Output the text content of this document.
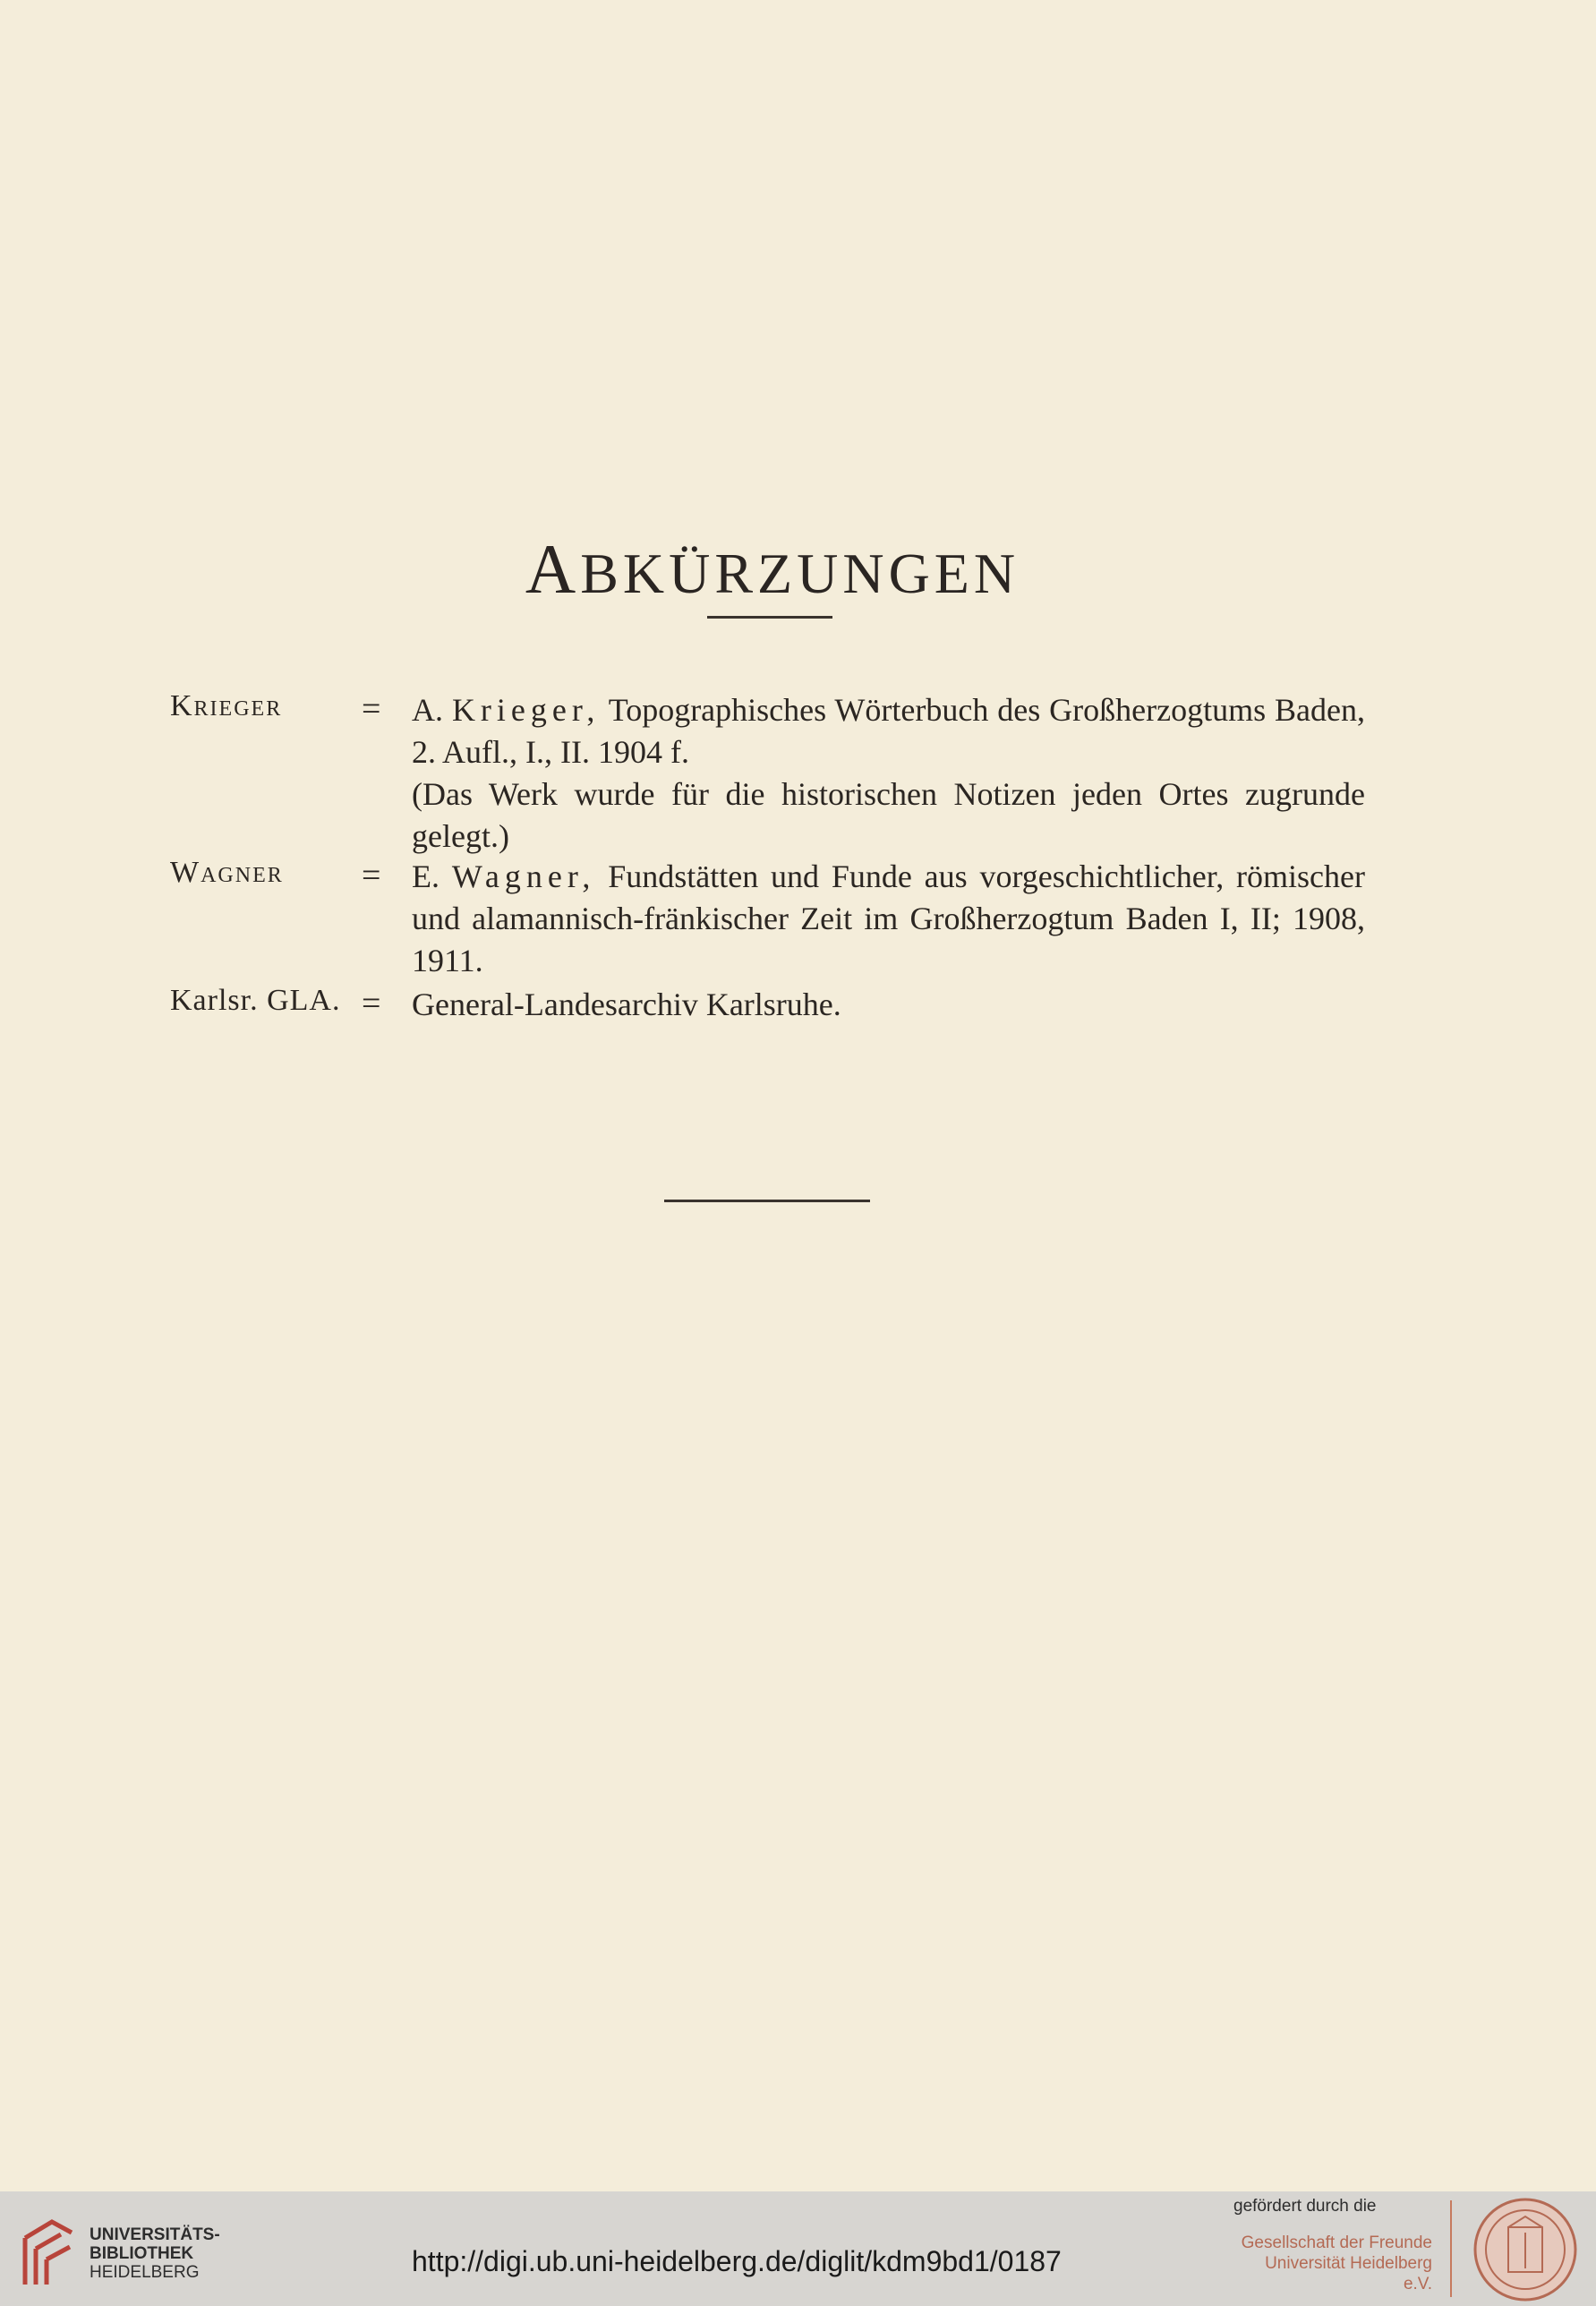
ABKÜRZUNGEN
Krieger = A. Krieger, Topographisches Wörterbuch des Großherzogtums Baden, 2. Aufl., I., II. 1904 f.

(Das Werk wurde für die historischen Notizen jeden Ortes zugrunde gelegt.)

Wagner = E. Wagner, Fundstätten und Funde aus vorgeschichtlicher, römischer und alamannisch-fränkischer Zeit im Großherzogtum Baden I, II; 1908, 1911.

Karlsr. GLA. = General-Landesarchiv Karlsruhe.

UNIVERSITÄTS-
BIBLIOTHEK
HEIDELBERG	http://digi.ub.uni-heidelberg.de/diglit/kdm9bd1/0187
gefördert durch die
Gesellschaft der Freunde
Universität Heidelberg e.V.
